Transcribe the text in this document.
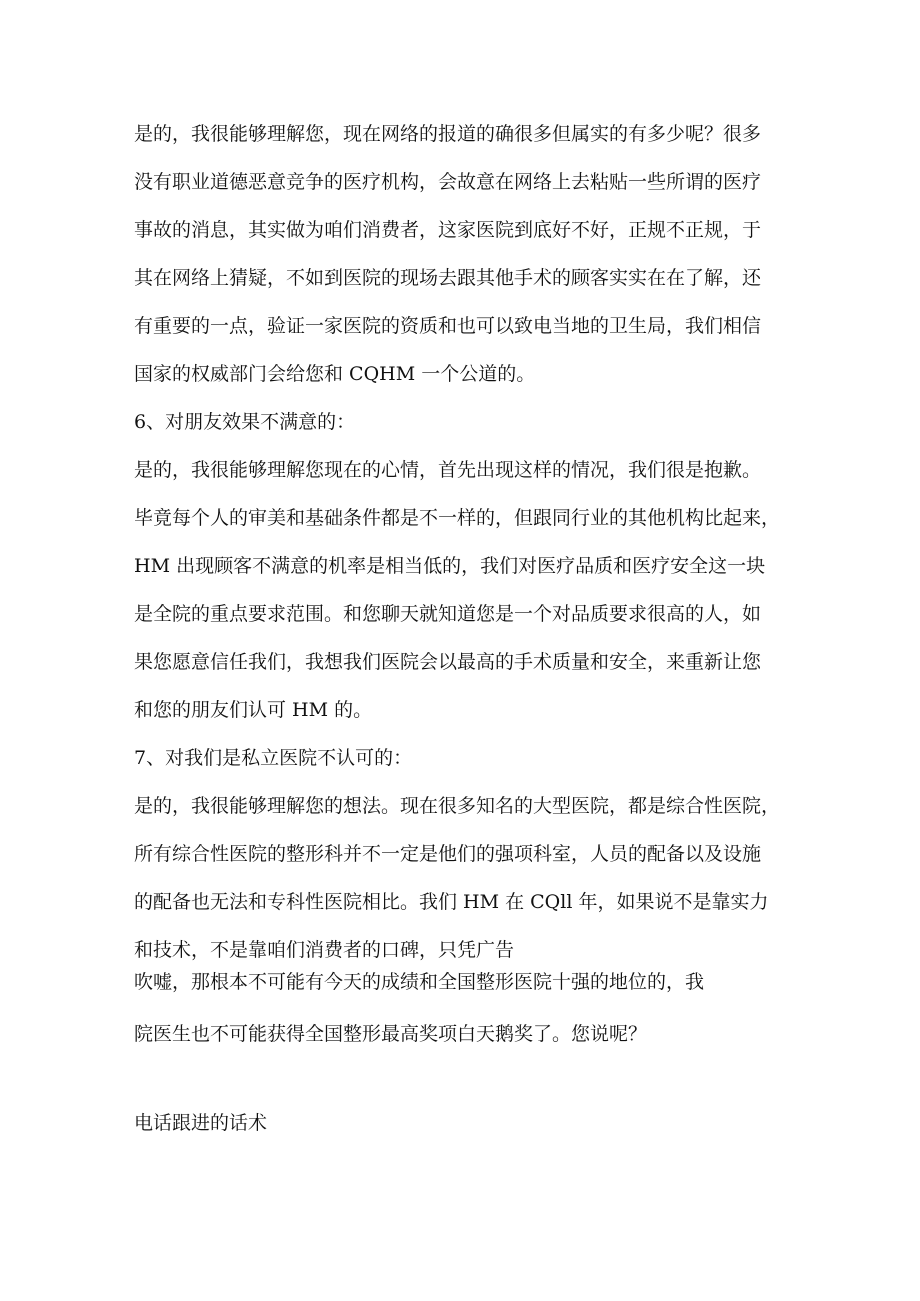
是的，我很能够理解您，现在网络的报道的确很多但属实的有多少呢？很多

没有职业道德恶意竞争的医疗机构，会故意在网络上去粘贴一些所谓的医疗

事故的消息，其实做为咱们消费者，这家医院到底好不好，正规不正规，于

其在网络上猜疑，不如到医院的现场去跟其他手术的顾客实实在在了解，还

有重要的一点，验证一家医院的资质和也可以致电当地的卫生局，我们相信

国家的权威部门会给您和 CQHM 一个公道的。

6、对朋友效果不满意的：

是的，我很能够理解您现在的心情，首先出现这样的情况，我们很是抱歉。

毕竟每个人的审美和基础条件都是不一样的，但跟同行业的其他机构比起来，

HM 出现顾客不满意的机率是相当低的，我们对医疗品质和医疗安全这一块

是全院的重点要求范围。和您聊天就知道您是一个对品质要求很高的人，如

果您愿意信任我们，我想我们医院会以最高的手术质量和安全，来重新让您

和您的朋友们认可 HM 的。

7、对我们是私立医院不认可的：

是的，我很能够理解您的想法。现在很多知名的大型医院，都是综合性医院，

所有综合性医院的整形科并不一定是他们的强项科室，人员的配备以及设施

的配备也无法和专科性医院相比。我们 HM 在 CQll 年，如果说不是靠实力

和技术，不是靠咱们消费者的口碑，只凭广告

吹嘘，那根本不可能有今天的成绩和全国整形医院十强的地位的，我

院医生也不可能获得全国整形最高奖项白天鹅奖了。您说呢？

电话跟进的话术
